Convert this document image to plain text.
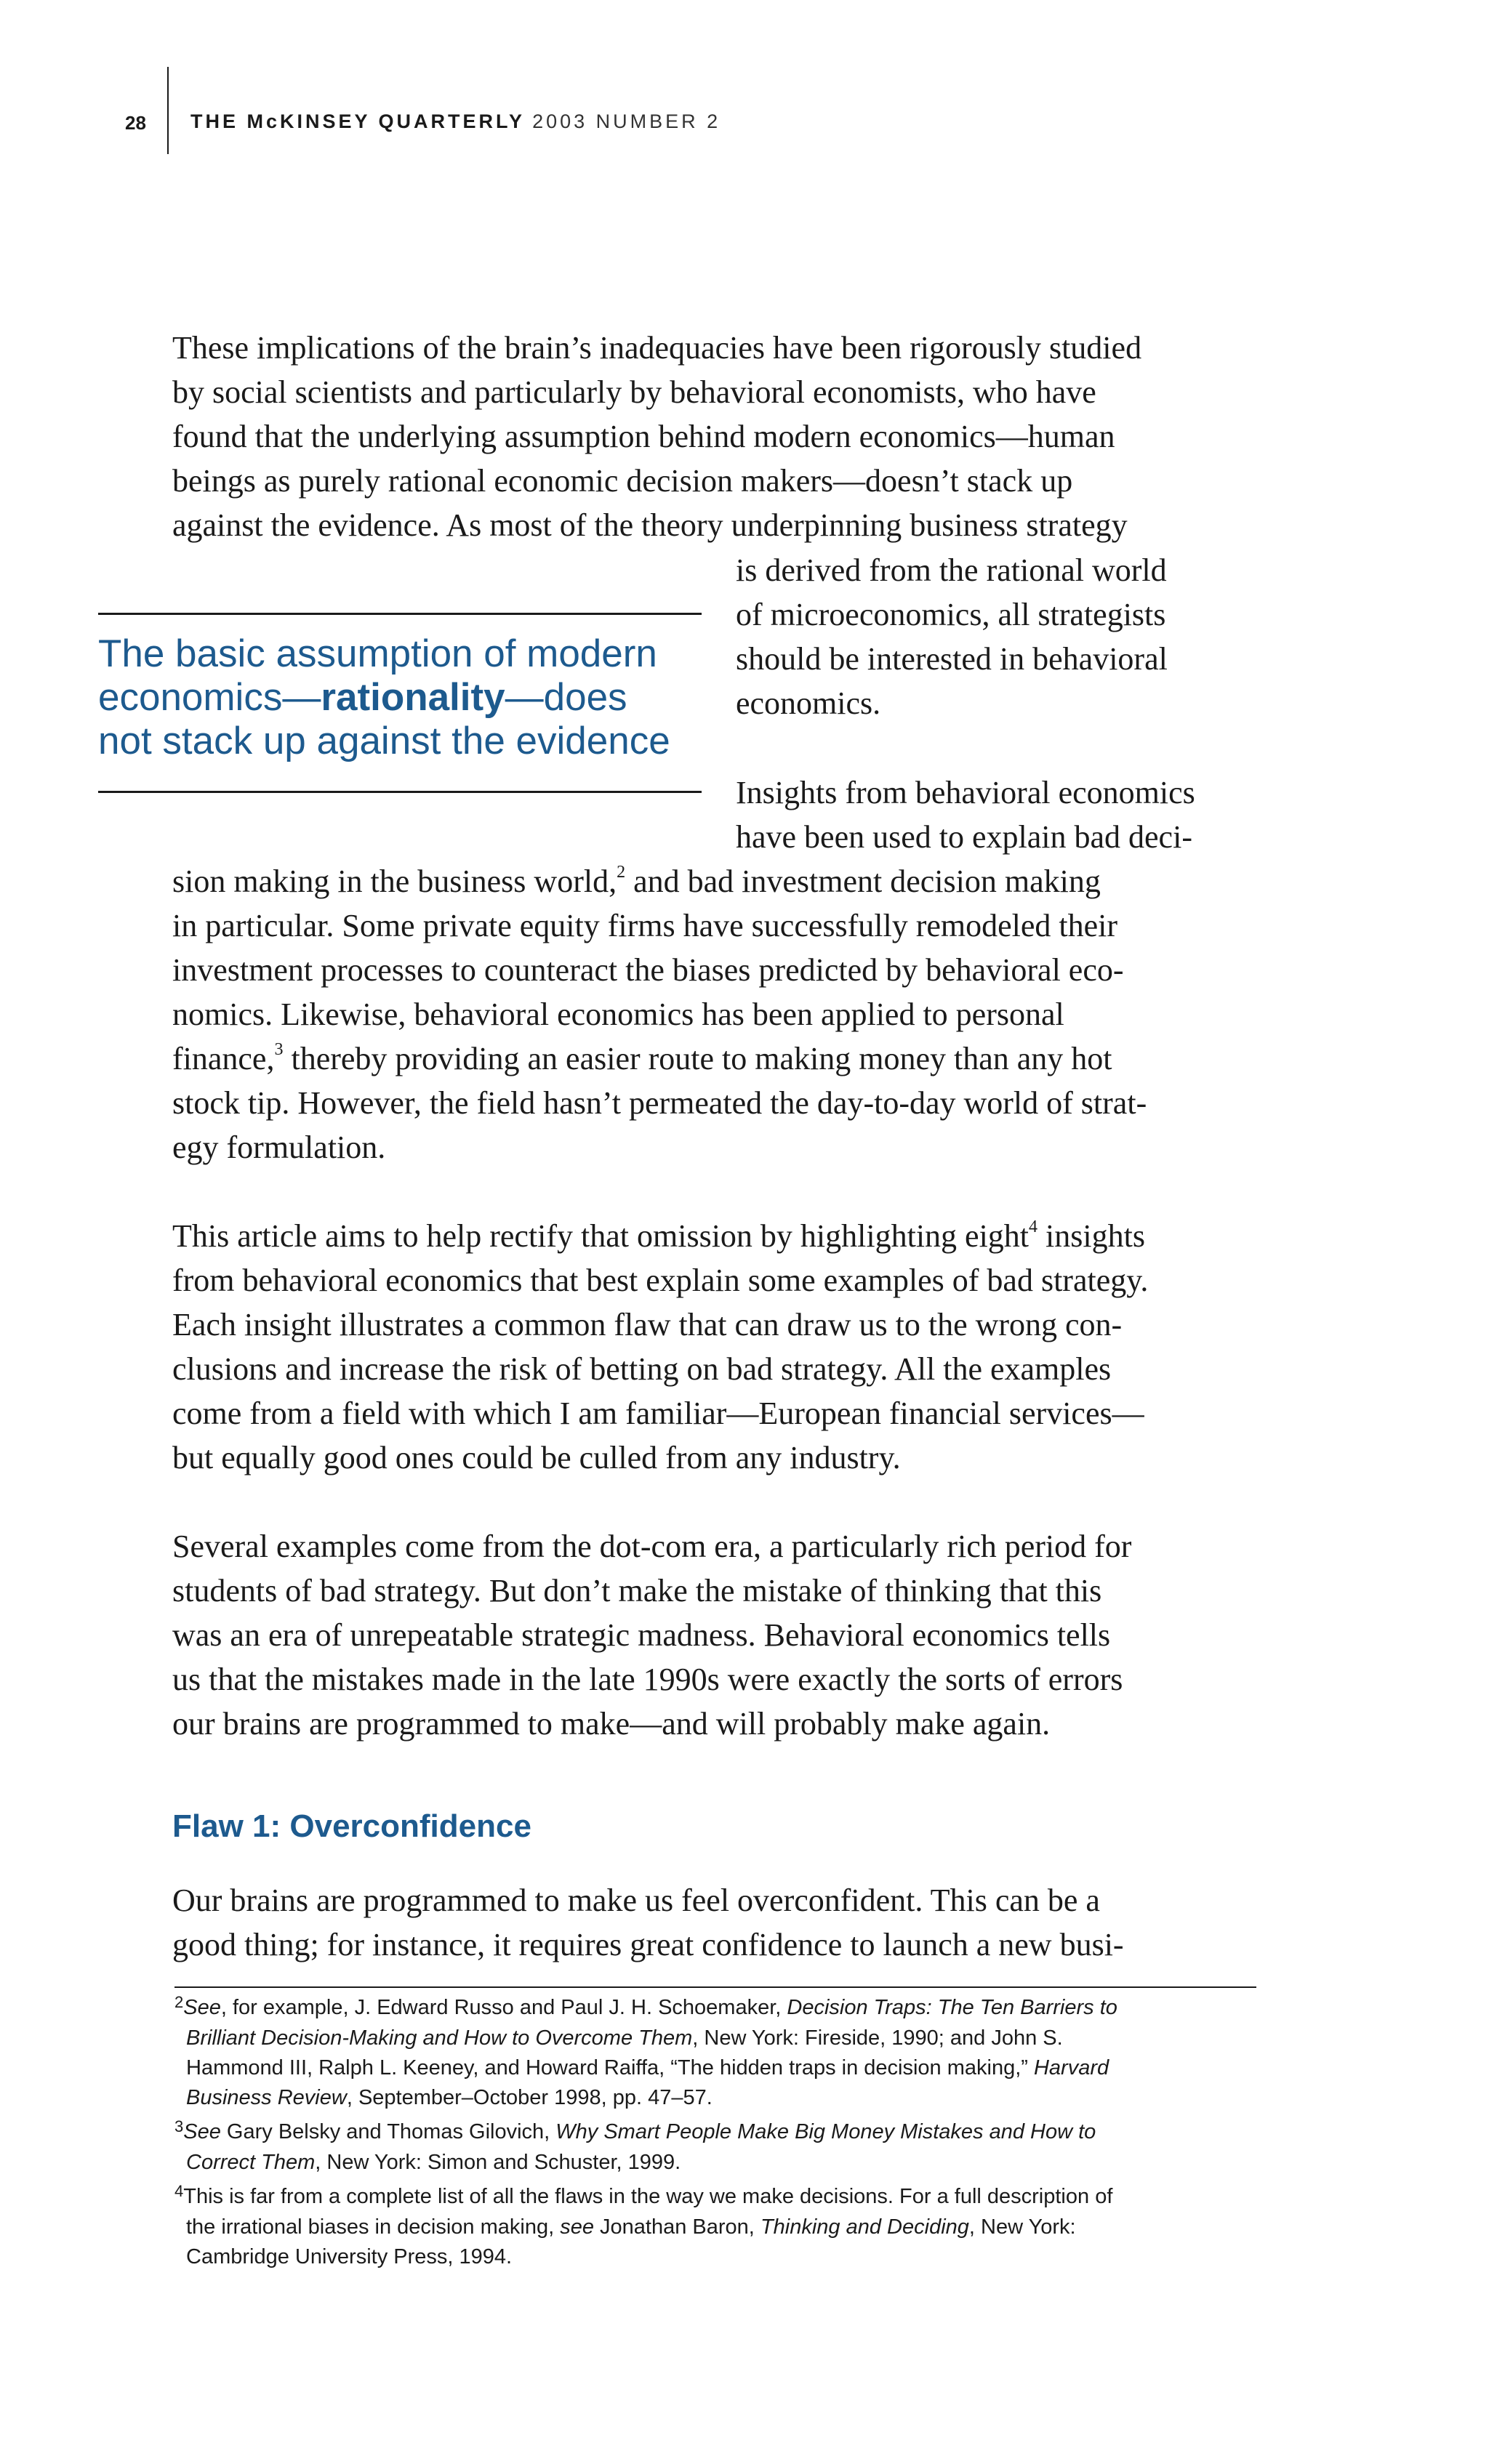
28 THE McKINSEY QUARTERLY 2003 NUMBER 2
These implications of the brain’s inadequacies have been rigorously studied
by social scientists and particularly by behavioral economists, who have
found that the underlying assumption behind modern economics—human
beings as purely rational economic decision makers—doesn’t stack up
against the evidence. As most of the theory underpinning business strategy
is derived from the rational world
of microeconomics, all strategists
should be interested in behavioral
economics.
The basic assumption of modern
economics—rationality—does
not stack up against the evidence
Insights from behavioral economics
have been used to explain bad deci-
sion making in the business world,$^2$ and bad investment decision making
in particular. Some private equity firms have successfully remodeled their
investment processes to counteract the biases predicted by behavioral eco-
nomics. Likewise, behavioral economics has been applied to personal
finance,$^3$ thereby providing an easier route to making money than any hot
stock tip. However, the field hasn’t permeated the day-to-day world of strat-
egy formulation.
This article aims to help rectify that omission by highlighting eight$^4$ insights
from behavioral economics that best explain some examples of bad strategy.
Each insight illustrates a common flaw that can draw us to the wrong con-
clusions and increase the risk of betting on bad strategy. All the examples
come from a field with which I am familiar—European financial services—
but equally good ones could be culled from any industry.
Several examples come from the dot-com era, a particularly rich period for
students of bad strategy. But don’t make the mistake of thinking that this
was an era of unrepeatable strategic madness. Behavioral economics tells
us that the mistakes made in the late 1990s were exactly the sorts of errors
our brains are programmed to make—and will probably make again.
Flaw 1: Overconfidence
Our brains are programmed to make us feel overconfident. This can be a
good thing; for instance, it requires great confidence to launch a new busi-
$^2$See, for example, J. Edward Russo and Paul J. H. Schoemaker, Decision Traps: The Ten Barriers to
Brilliant Decision-Making and How to Overcome Them, New York: Fireside, 1990; and John S.
Hammond III, Ralph L. Keeney, and Howard Raiffa, “The hidden traps in decision making,” Harvard
Business Review, September–October 1998, pp. 47–57.
$^3$See Gary Belsky and Thomas Gilovich, Why Smart People Make Big Money Mistakes and How to
Correct Them, New York: Simon and Schuster, 1999.
$^4$This is far from a complete list of all the flaws in the way we make decisions. For a full description of
the irrational biases in decision making, see Jonathan Baron, Thinking and Deciding, New York:
Cambridge University Press, 1994.
